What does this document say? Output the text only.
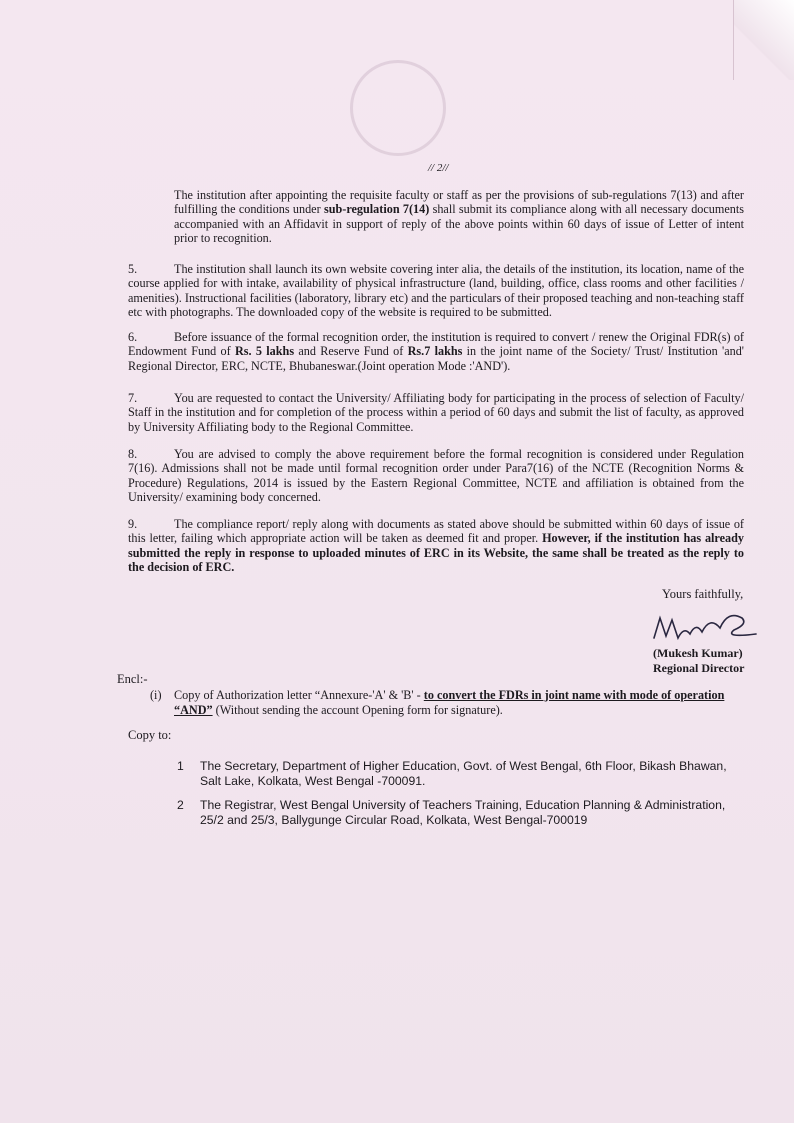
// 2//

The institution after appointing the requisite faculty or staff as per the provisions of sub-regulations 7(13) and after fulfilling the conditions under sub-regulation 7(14) shall submit its compliance along with all necessary documents accompanied with an Affidavit in support of reply of the above points within 60 days of issue of Letter of intent prior to recognition.

5.	The institution shall launch its own website covering inter alia, the details of the institution, its location, name of the course applied for with intake, availability of physical infrastructure (land, building, office, class rooms and other facilities / amenities). Instructional facilities (laboratory, library etc) and the particulars of their proposed teaching and non-teaching staff etc with photographs. The downloaded copy of the website is required to be submitted.

6.	Before issuance of the formal recognition order, the institution is required to convert / renew the Original FDR(s) of Endowment Fund of Rs. 5 lakhs and Reserve Fund of Rs.7 lakhs in the joint name of the Society/ Trust/ Institution 'and' Regional Director, ERC, NCTE, Bhubaneswar.(Joint operation Mode :'AND').

7.	You are requested to contact the University/ Affiliating body for participating in the process of selection of Faculty/ Staff in the institution and for completion of the process within a period of 60 days and submit the list of faculty, as approved by University Affiliating body to the Regional Committee.

8.	You are advised to comply the above requirement before the formal recognition is considered under Regulation 7(16). Admissions shall not be made until formal recognition order under Para7(16) of the NCTE (Recognition Norms & Procedure) Regulations, 2014 is issued by the Eastern Regional Committee, NCTE and affiliation is obtained from the University/ examining body concerned.

9.	The compliance report/ reply along with documents as stated above should be submitted within 60 days of issue of this letter, failing which appropriate action will be taken as deemed fit and proper. However, if the institution has already submitted the reply in response to uploaded minutes of ERC in its Website, the same shall be treated as the reply to the decision of ERC.

Yours faithfully,
(Mukesh Kumar)
Regional Director
Encl:-
(i) Copy of Authorization letter “Annexure-'A' & 'B' - to convert the FDRs in joint name with mode of operation “AND” (Without sending the account Opening form for signature).
Copy to:
1 The Secretary, Department of Higher Education, Govt. of West Bengal, 6th Floor, Bikash Bhawan, Salt Lake, Kolkata, West Bengal -700091.
2 The Registrar, West Bengal University of Teachers Training, Education Planning & Administration, 25/2 and 25/3, Ballygunge Circular Road, Kolkata, West Bengal-700019
